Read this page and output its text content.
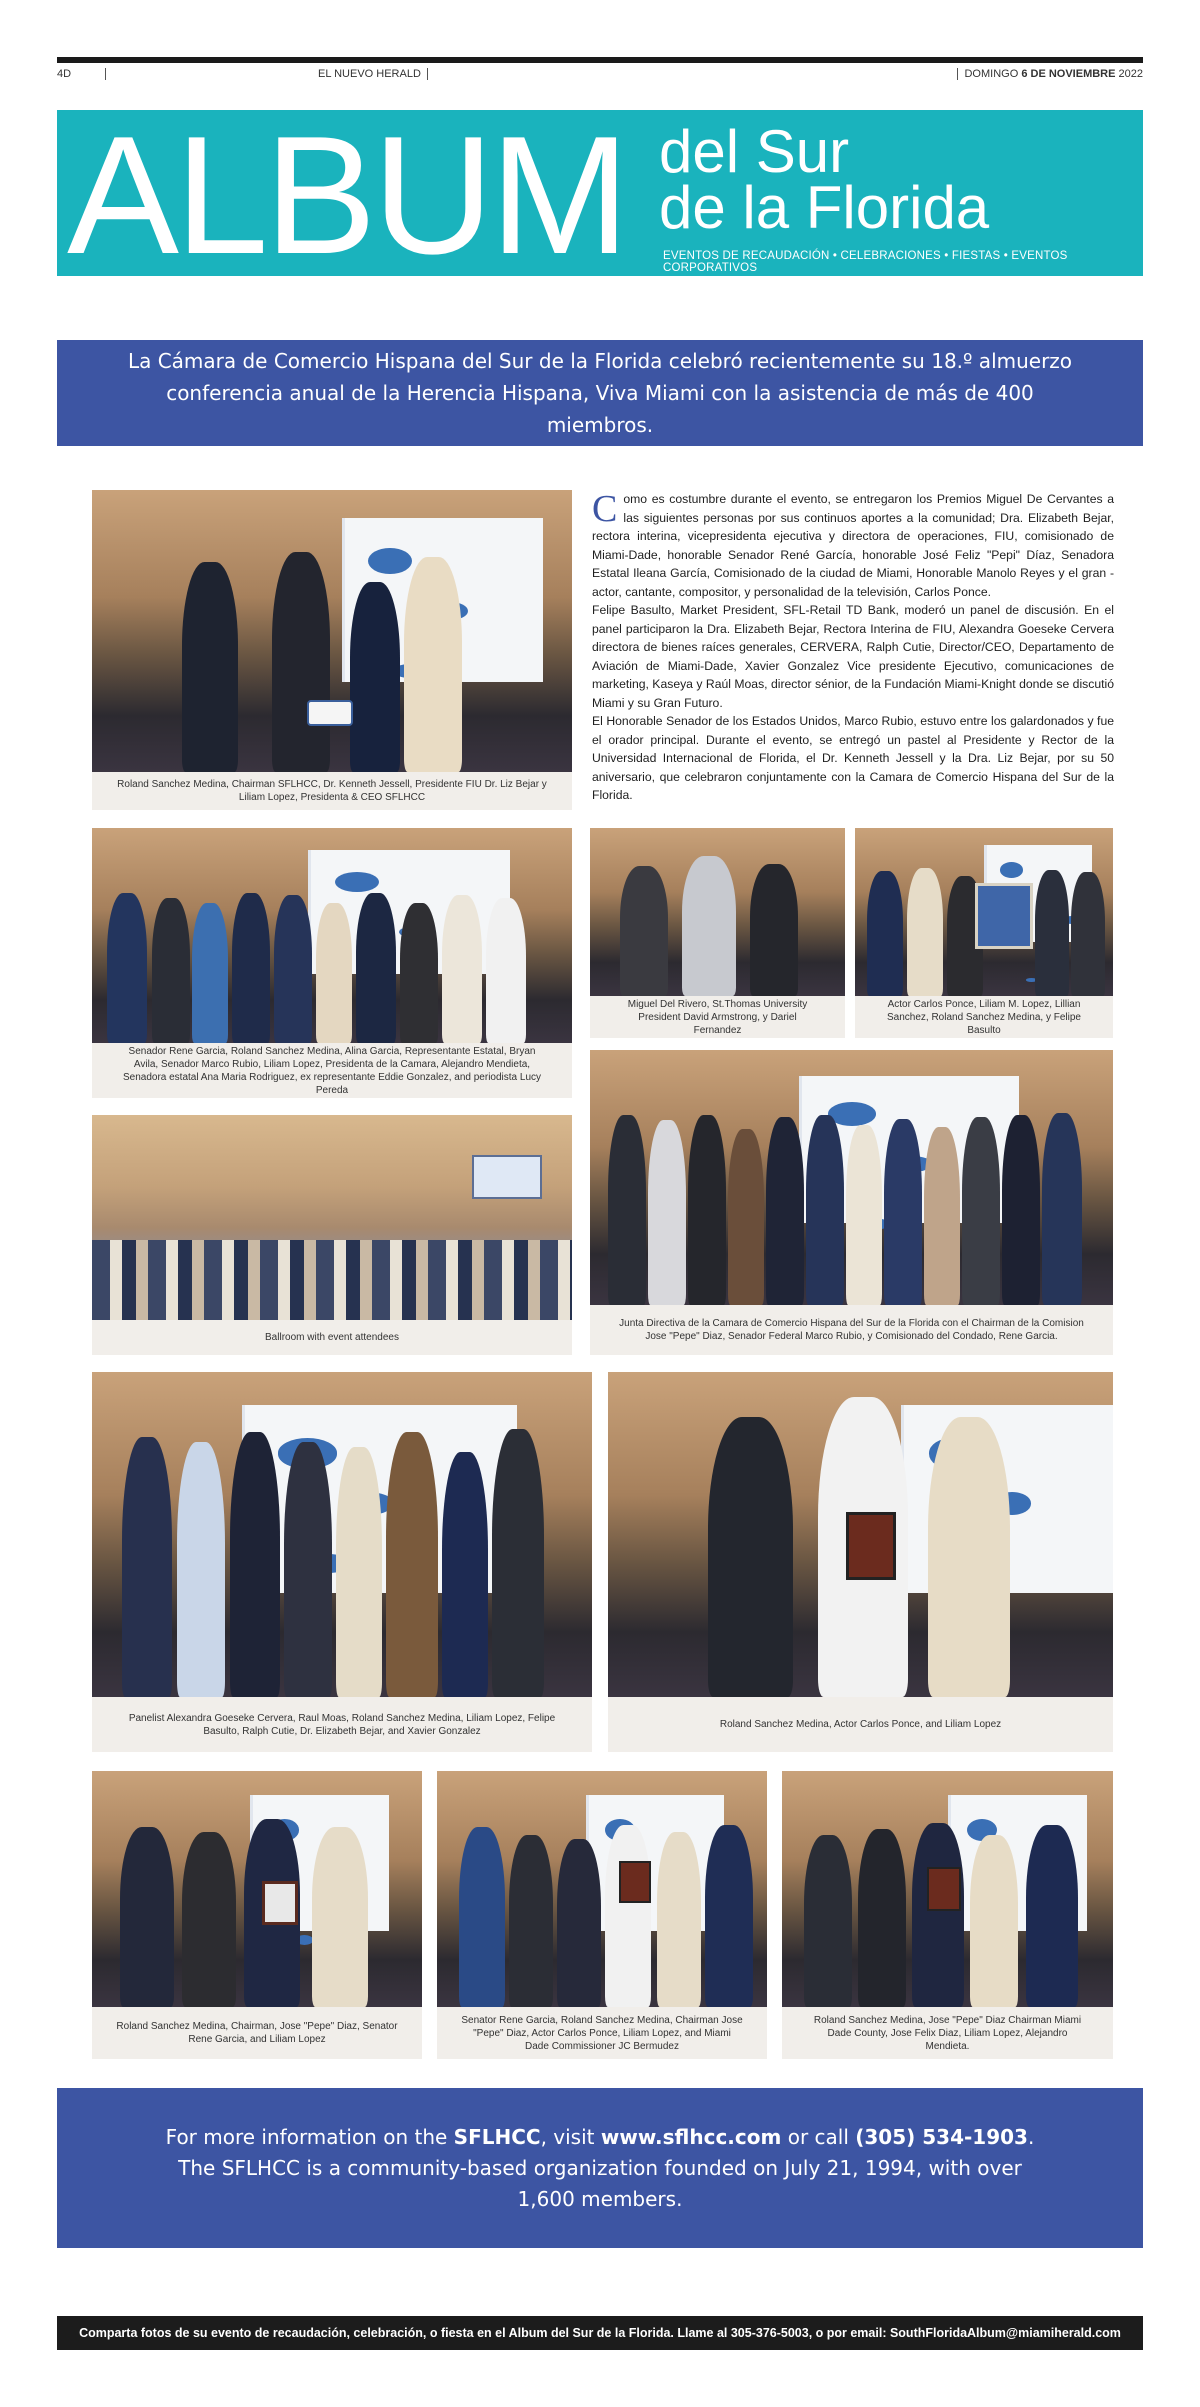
4D	EL NUEVO HERALD	DOMINGO 6 DE NOVIEMBRE 2022
ALBUM del Sur
de la Florida
EVENTOS DE RECAUDACIÓN • CELEBRACIONES • FIESTAS • EVENTOS CORPORATIVOS

La Cámara de Comercio Hispana del Sur de la Florida celebró recientemente su 18.º almuerzo conferencia anual de la Herencia Hispana, Viva Miami con la asistencia de más de 400 miembros.

Roland Sanchez Medina, Chairman SFLHCC, Dr. Kenneth Jessell, Presidente FIU Dr. Liz Bejar y Liliam Lopez, Presidenta & CEO SFLHCC

Como es costumbre durante el evento, se entregaron los Premios Miguel De Cervantes a las siguientes personas por sus continuos aportes a la comunidad; Dra. Elizabeth Bejar, rectora interina, vicepresidenta ejecutiva y directora de operaciones, FIU, comisionado de Miami-Dade, honorable Senador René García, honorable José Feliz "Pepi" Díaz, Senadora Estatal Ileana García, Comisionado de la ciudad de Miami, Honorable Manolo Reyes y el gran -actor, cantante, compositor, y personalidad de la televisión, Carlos Ponce.

Felipe Basulto, Market President, SFL-Retail TD Bank, moderó un panel de discusión. En el panel participaron la Dra. Elizabeth Bejar, Rectora Interina de FIU, Alexandra Goeseke Cervera directora de bienes raíces generales, CERVERA, Ralph Cutie, Director/CEO, Departamento de Aviación de Miami-Dade, Xavier Gonzalez Vice presidente Ejecutivo, comunicaciones de marketing, Kaseya y Raúl Moas, director sénior, de la Fundación Miami-Knight donde se discutió Miami y su Gran Futuro.

El Honorable Senador de los Estados Unidos, Marco Rubio, estuvo entre los galardonados y fue el orador principal. Durante el evento, se entregó un pastel al Presidente y Rector de la Universidad Internacional de Florida, el Dr. Kenneth Jessell y la Dra. Liz Bejar, por su 50 aniversario, que celebraron conjuntamente con la Camara de Comercio Hispana del Sur de la Florida.

Senador Rene Garcia, Roland Sanchez Medina, Alina Garcia, Representante Estatal, Bryan Avila, Senador Marco Rubio, Liliam Lopez, Presidenta de la Camara, Alejandro Mendieta, Senadora estatal Ana Maria Rodriguez, ex representante Eddie Gonzalez, and periodista Lucy Pereda
Miguel Del Rivero, St.Thomas University President David Armstrong, y Dariel Fernandez
Actor Carlos Ponce, Liliam M. Lopez, Lillian Sanchez, Roland Sanchez Medina, y Felipe Basulto
Ballroom with event attendees
Junta Directiva de la Camara de Comercio Hispana del Sur de la Florida con el Chairman de la Comision Jose "Pepe" Diaz, Senador Federal Marco Rubio, y Comisionado del Condado, Rene Garcia.
Panelist Alexandra Goeseke Cervera, Raul Moas, Roland Sanchez Medina, Liliam Lopez, Felipe Basulto, Ralph Cutie, Dr. Elizabeth Bejar, and Xavier Gonzalez
Roland Sanchez Medina, Actor Carlos Ponce, and Liliam Lopez
Roland Sanchez Medina, Chairman, Jose "Pepe" Diaz, Senator Rene Garcia, and Liliam Lopez
Senator Rene Garcia, Roland Sanchez Medina, Chairman Jose "Pepe" Diaz, Actor Carlos Ponce, Liliam Lopez, and Miami Dade Commissioner JC Bermudez
Roland Sanchez Medina, Jose "Pepe" Diaz Chairman Miami Dade County, Jose Felix Diaz, Liliam Lopez, Alejandro Mendieta.

For more information on the SFLHCC, visit www.sflhcc.com or call (305) 534-1903. The SFLHCC is a community-based organization founded on July 21, 1994, with over 1,600 members.

Comparta fotos de su evento de recaudación, celebración, o fiesta en el Album del Sur de la Florida. Llame al 305-376-5003, o por email: SouthFloridaAlbum@miamiherald.com
